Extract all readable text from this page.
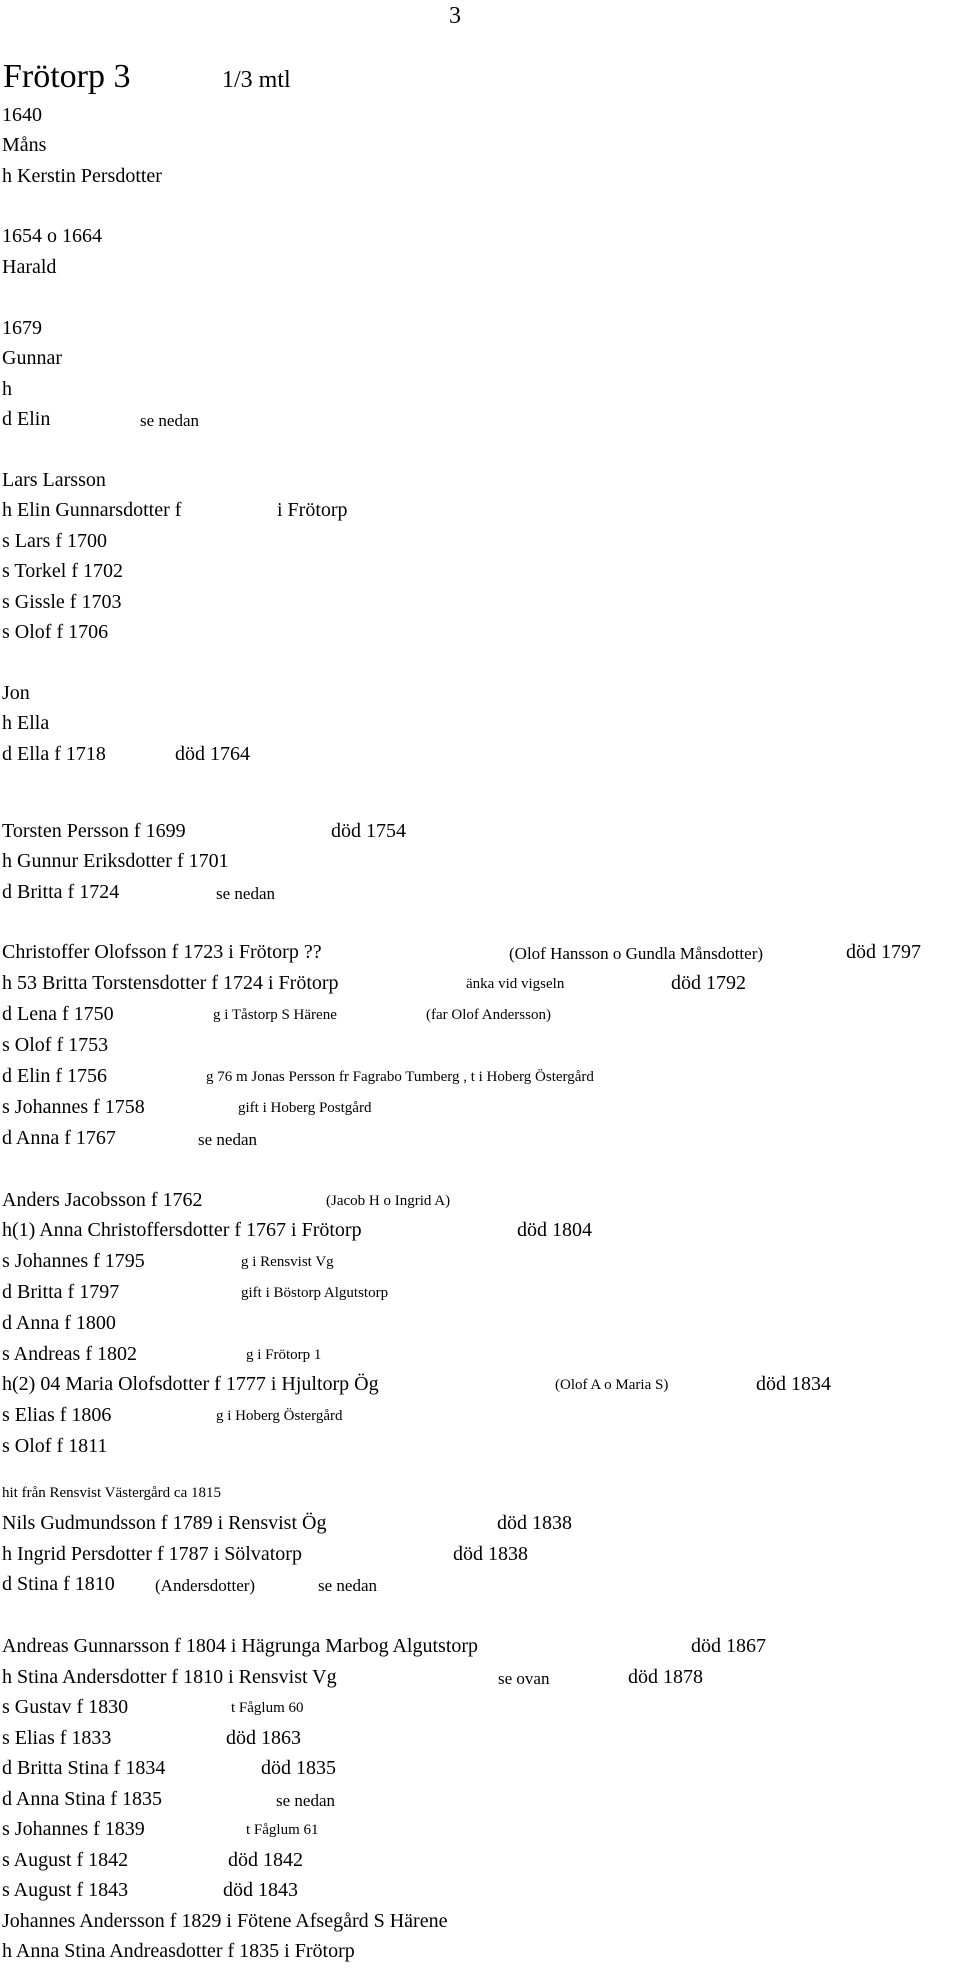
3
Frötorp 3	1/3 mtl
1640
Måns
h Kerstin Persdotter
1654 o 1664
Harald
1679
Gunnar
h
d Elin	se nedan
Lars Larsson
h Elin Gunnarsdotter f	i Frötorp
s Lars f 1700
s Torkel f 1702
s Gissle f 1703
s Olof f 1706
Jon
h Ella
d Ella f 1718	död 1764
Torsten Persson f 1699	död 1754
h Gunnur Eriksdotter f 1701
d Britta f 1724	se nedan
Christoffer Olofsson f 1723 i Frötorp ??	(Olof Hansson o Gundla Månsdotter)	död 1797
h 53 Britta Torstensdotter f 1724 i Frötorp	änka vid vigseln	död 1792
d Lena f 1750	g i Tåstorp S Härene	(far Olof Andersson)
s Olof f 1753
d Elin f 1756	g 76 m Jonas Persson fr Fagrabo Tumberg , t i Hoberg Östergård
s Johannes f 1758	gift i Hoberg Postgård
d Anna f 1767	se nedan
Anders Jacobsson f 1762	(Jacob H o Ingrid A)
h(1) Anna Christoffersdotter f 1767 i Frötorp	död 1804
s Johannes f 1795	g i Rensvist Vg
d Britta f 1797	gift i Böstorp Algutstorp
d Anna f 1800
s Andreas f 1802	g i Frötorp 1
h(2) 04 Maria Olofsdotter f 1777 i Hjultorp Ög	(Olof A o Maria S)	död 1834
s Elias f 1806	g i Hoberg Östergård
s Olof f 1811
hit från Rensvist Västergård ca 1815
Nils Gudmundsson f 1789 i Rensvist Ög	död 1838
h Ingrid Persdotter f 1787 i Sölvatorp	död 1838
d Stina f 1810 (Andersdotter)	se nedan
Andreas Gunnarsson f 1804 i Hägrunga Marbog Algutstorp	död 1867
h Stina Andersdotter f 1810 i Rensvist Vg	se ovan	död 1878
s Gustav f 1830	t Fåglum 60
s Elias f 1833	död 1863
d Britta Stina f 1834	död 1835
d Anna Stina f 1835	se nedan
s Johannes f 1839	t Fåglum 61
s August f 1842	död 1842
s August f 1843	död 1843
Johannes Andersson f 1829 i Fötene Afsegård S Härene
h Anna Stina Andreasdotter f 1835 i Frötorp
